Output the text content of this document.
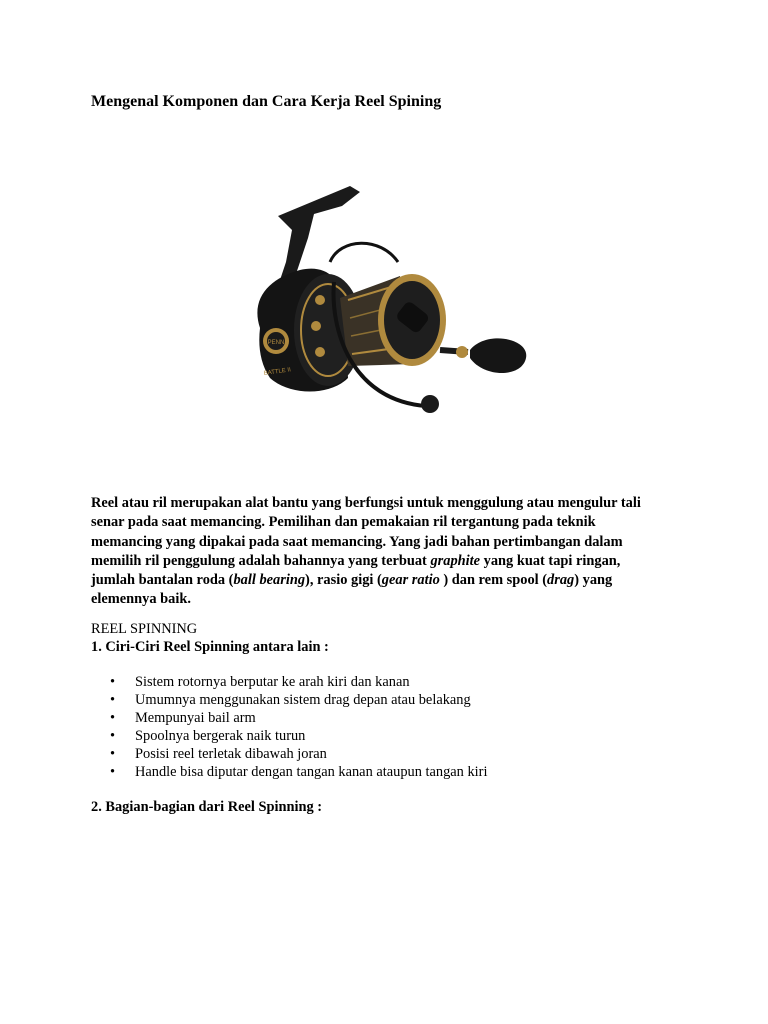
Mengenal Komponen dan Cara Kerja Reel Spining
PENN
BATTLE II

Reel atau ril merupakan alat bantu yang berfungsi untuk menggulung atau mengulur tali
senar pada saat memancing. Pemilihan dan pemakaian ril tergantung pada teknik
memancing yang dipakai pada saat memancing. Yang jadi bahan pertimbangan dalam
memilih ril penggulung adalah bahannya yang terbuat graphite yang kuat tapi ringan,
jumlah bantalan roda (ball bearing), rasio gigi (gear ratio ) dan rem spool (drag) yang
elemennya baik.

REEL SPINNING

1. Ciri-Ciri Reel Spinning antara lain :

• Sistem rotornya berputar ke arah kiri dan kanan
• Umumnya menggunakan sistem drag depan atau belakang
• Mempunyai bail arm
• Spoolnya bergerak naik turun
• Posisi reel terletak dibawah joran
• Handle bisa diputar dengan tangan kanan ataupun tangan kiri

2. Bagian-bagian dari Reel Spinning :
